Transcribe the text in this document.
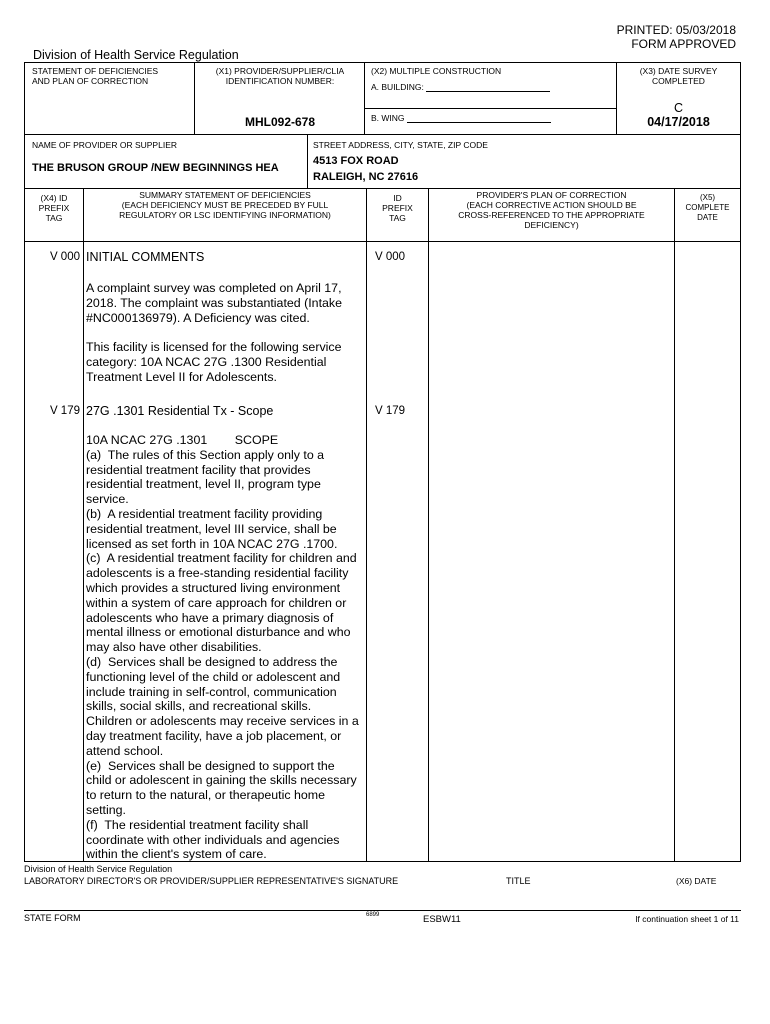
PRINTED: 05/03/2018
FORM APPROVED
Division of Health Service Regulation
STATEMENT OF DEFICIENCIES
AND PLAN OF CORRECTION
(X1) PROVIDER/SUPPLIER/CLIA
IDENTIFICATION NUMBER:
MHL092-678
(X2) MULTIPLE CONSTRUCTION
A. BUILDING:
B. WING
(X3) DATE SURVEY
COMPLETED
C
04/17/2018
NAME OF PROVIDER OR SUPPLIER
THE BRUSON GROUP /NEW BEGINNINGS HEA
STREET ADDRESS, CITY, STATE, ZIP CODE
4513 FOX ROAD
RALEIGH, NC 27616
(X4) ID
PREFIX
TAG
SUMMARY STATEMENT OF DEFICIENCIES
(EACH DEFICIENCY MUST BE PRECEDED BY FULL
REGULATORY OR LSC IDENTIFYING INFORMATION)
ID
PREFIX
TAG
PROVIDER'S PLAN OF CORRECTION
(EACH CORRECTIVE ACTION SHOULD BE
CROSS-REFERENCED TO THE APPROPRIATE
DEFICIENCY)
(X5)
COMPLETE
DATE
V 000 INITIAL COMMENTS	V 000
A complaint survey was completed on April 17,
2018. The complaint was substantiated (Intake
#NC000136979). A Deficiency was cited.
This facility is licensed for the following service
category: 10A NCAC 27G .1300 Residential
Treatment Level II for Adolescents.
V 179 27G .1301 Residential Tx - Scope	V 179
10A NCAC 27G .1301        SCOPE
(a)  The rules of this Section apply only to a
residential treatment facility that provides
residential treatment, level II, program type
service.
(b)  A residential treatment facility providing
residential treatment, level III service, shall be
licensed as set forth in 10A NCAC 27G .1700.
(c)  A residential treatment facility for children and
adolescents is a free-standing residential facility
which provides a structured living environment
within a system of care approach for children or
adolescents who have a primary diagnosis of
mental illness or emotional disturbance and who
may also have other disabilities.
(d)  Services shall be designed to address the
functioning level of the child or adolescent and
include training in self-control, communication
skills, social skills, and recreational skills.
Children or adolescents may receive services in a
day treatment facility, have a job placement, or
attend school.
(e)  Services shall be designed to support the
child or adolescent in gaining the skills necessary
to return to the natural, or therapeutic home
setting.
(f)  The residential treatment facility shall
coordinate with other individuals and agencies
within the client's system of care.
Division of Health Service Regulation
LABORATORY DIRECTOR'S OR PROVIDER/SUPPLIER REPRESENTATIVE'S SIGNATURE	TITLE	(X6) DATE
STATE FORM	6899	ESBW11	If continuation sheet 1 of 11
